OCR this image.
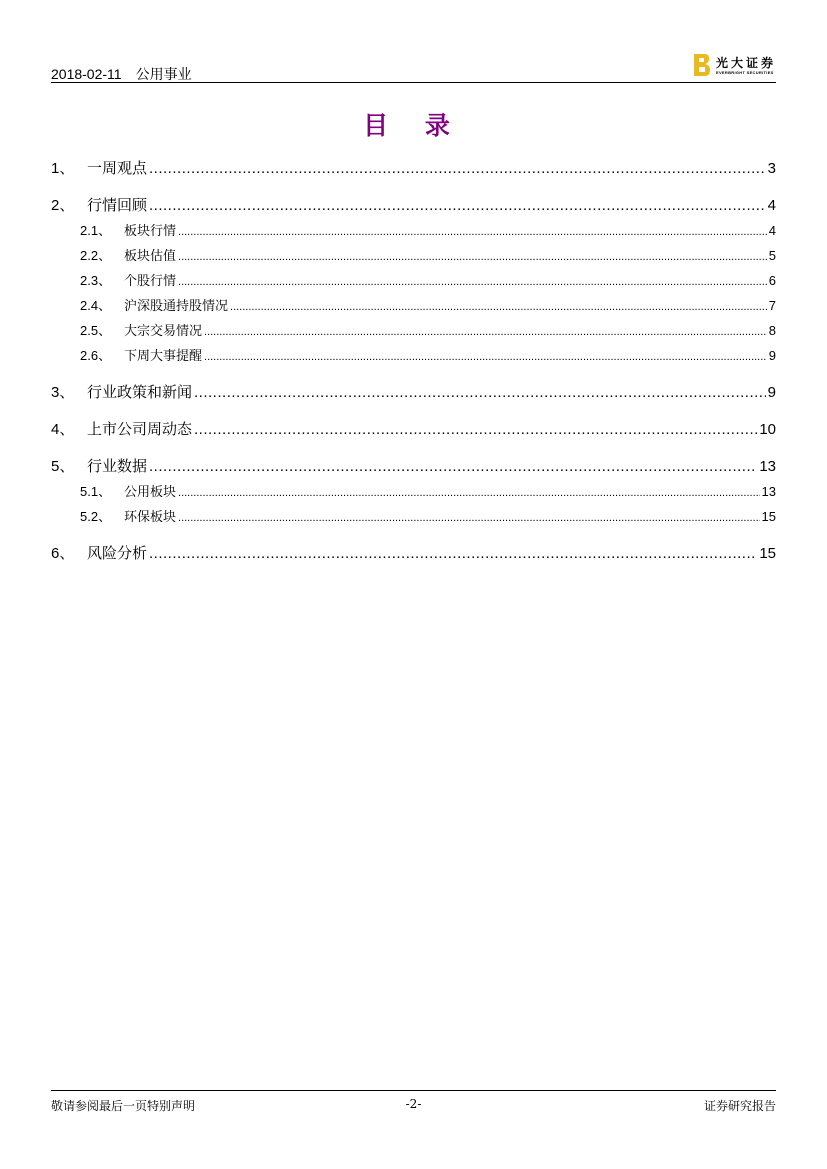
2018-02-11 公用事业
光大证券
EVERBRIGHT SECURITIES
目 录
1、 一周观点 .....	3
2、 行情回顾 .....	4
2.1、 板块行情 .....	4
2.2、 板块估值 .....	5
2.3、 个股行情 .....	6
2.4、 沪深股通持股情况 .....	7
2.5、 大宗交易情况 .....	8
2.6、 下周大事提醒 .....	9
3、 行业政策和新闻 .....	9
4、 上市公司周动态 .....	10
5、 行业数据 .....	13
5.1、 公用板块 .....	13
5.2、 环保板块 .....	15
6、 风险分析 .....	15
敬请参阅最后一页特别声明	-2-	证券研究报告
